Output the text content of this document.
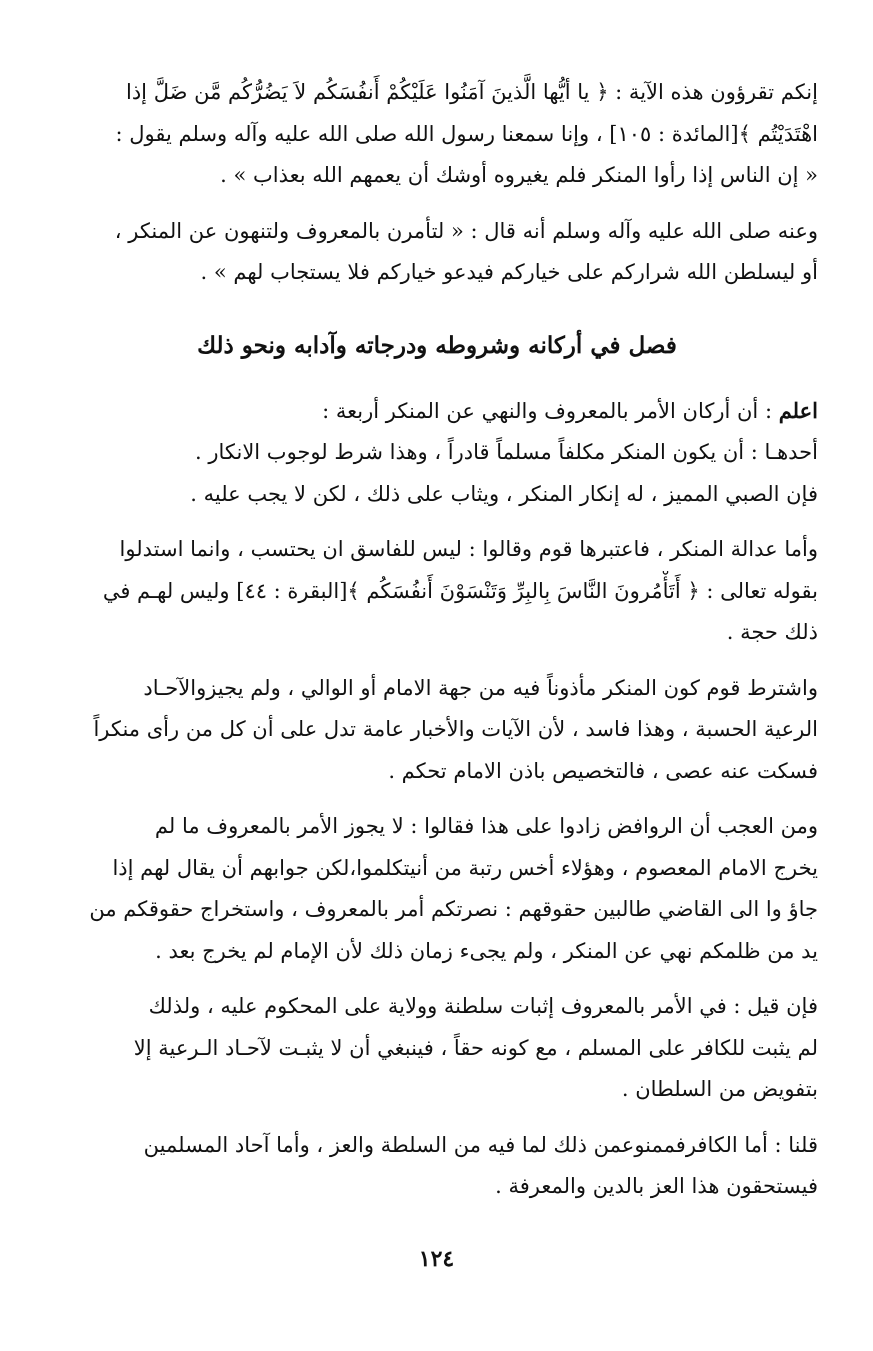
إنكم تقرؤون هذه الآية : ﴿ يا أيُّها الَّذينَ آمَنُوا عَلَيْكُمْ أَنفُسَكُم لاَ يَضُرُّكُم مَّن ضَلَّ إذا
اهْتَدَيْتُم ﴾[المائدة : ١٠٥] ، وإنا سمعنا رسول الله صلى الله عليه وآله وسلم يقول :
« إن الناس إذا رأوا المنكر فلم يغيروه أوشك أن يعمهم الله بعذاب » .

وعنه صلى الله عليه وآله وسلم أنه قال : « لتأمرن بالمعروف ولتنهون عن المنكر ،
أو ليسلطن الله شراركم على خياركم فيدعو خياركم فلا يستجاب لهم » .

فصل في أركانه وشروطه ودرجاته وآدابه ونحو ذلك

اعلم : أن أركان الأمر بالمعروف والنهي عن المنكر أربعة :
أحدهـا : أن يكون المنكر مكلفاً مسلماً قادراً ، وهذا شرط لوجوب الانكار .
فإن الصبي المميز ، له إنكار المنكر ، ويثاب على ذلك ، لكن لا يجب عليه .

وأما عدالة المنكر ، فاعتبرها قوم وقالوا : ليس للفاسق ان يحتسب ، وانما استدلوا
بقوله تعالى : ﴿ أَتَأْمُرونَ النَّاسَ بِالبِرِّ وَتَنْسَوْنَ أَنفُسَكُم ﴾[البقرة : ٤٤] وليس لهـم في
ذلك حجة .

واشترط قوم كون المنكر مأذوناً فيه من جهة الامام أو الوالي ، ولم يجيزوالآحـاد
الرعية الحسبة ، وهذا فاسد ، لأن الآيات والأخبار عامة تدل على أن كل من رأى منكراً
فسكت عنه عصى ، فالتخصيص باذن الامام تحكم .

ومن العجب أن الروافض زادوا على هذا فقالوا : لا يجوز الأمر بالمعروف ما لم
يخرج الامام المعصوم ، وهؤلاء أخس رتبة من أنيتكلموا،لكن جوابهم أن يقال لهم إذا
جاؤ وا الى القاضي طالبين حقوقهم : نصرتكم أمر بالمعروف ، واستخراج حقوقكم من
يد من ظلمكم نهي عن المنكر ، ولم يجىء زمان ذلك لأن الإمام لم يخرج بعد .

فإن قيل : في الأمر بالمعروف إثبات سلطنة وولاية على المحكوم عليه ، ولذلك
لم يثبت للكافر على المسلم ، مع كونه حقاً ، فينبغي أن لا يثبـت لآحـاد الـرعية إلا
بتفويض من السلطان .

قلنا : أما الكافرفممنوعمن ذلك لما فيه من السلطة والعز ، وأما آحاد المسلمين
فيستحقون هذا العز بالدين والمعرفة .

١٢٤
